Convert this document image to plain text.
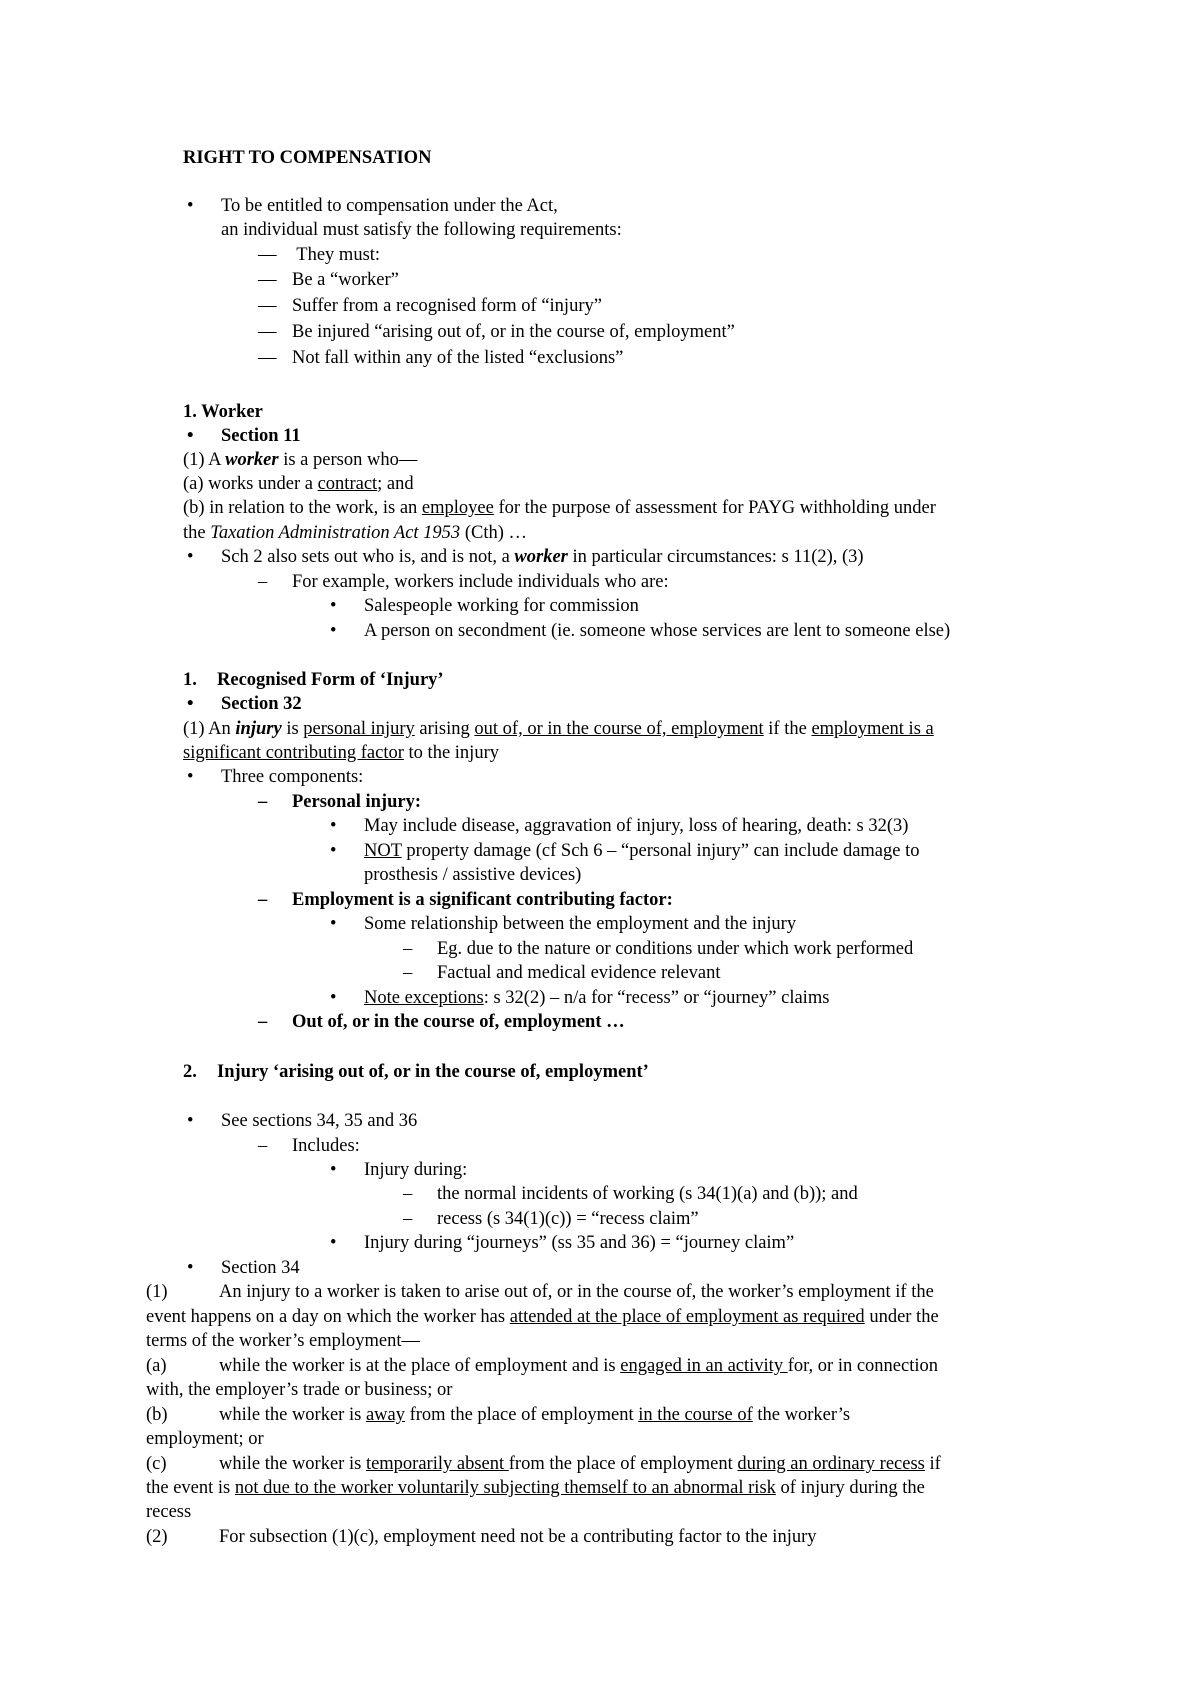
RIGHT TO COMPENSATION
• To be entitled to compensation under the Act,
an individual must satisfy the following requirements:
— They must:
— Be a “worker”
— Suffer from a recognised form of “injury”
— Be injured “arising out of, or in the course of, employment”
— Not fall within any of the listed “exclusions”
1. Worker
• Section 11
(1) A worker is a person who—
(a) works under a contract; and
(b) in relation to the work, is an employee for the purpose of assessment for PAYG withholding under
the Taxation Administration Act 1953 (Cth) …
• Sch 2 also sets out who is, and is not, a worker in particular circumstances: s 11(2), (3)
– For example, workers include individuals who are:
• Salespeople working for commission
• A person on secondment (ie. someone whose services are lent to someone else)
1. Recognised Form of ‘Injury’
• Section 32
(1) An injury is personal injury arising out of, or in the course of, employment if the employment is a
significant contributing factor to the injury
• Three components:
– Personal injury:
• May include disease, aggravation of injury, loss of hearing, death: s 32(3)
• NOT property damage (cf Sch 6 – “personal injury” can include damage to
prosthesis / assistive devices)
– Employment is a significant contributing factor:
• Some relationship between the employment and the injury
– Eg. due to the nature or conditions under which work performed
– Factual and medical evidence relevant
• Note exceptions: s 32(2) – n/a for “recess” or “journey” claims
– Out of, or in the course of, employment …
2. Injury ‘arising out of, or in the course of, employment’
• See sections 34, 35 and 36
– Includes:
• Injury during:
– the normal incidents of working (s 34(1)(a) and (b)); and
– recess (s 34(1)(c)) = “recess claim”
• Injury during “journeys” (ss 35 and 36) = “journey claim”
• Section 34
(1)	An injury to a worker is taken to arise out of, or in the course of, the worker’s employment if the
event happens on a day on which the worker has attended at the place of employment as required under the
terms of the worker’s employment—
(a)	while the worker is at the place of employment and is engaged in an activity for, or in connection
with, the employer’s trade or business; or
(b)	while the worker is away from the place of employment in the course of the worker’s
employment; or
(c)	while the worker is temporarily absent from the place of employment during an ordinary recess if
the event is not due to the worker voluntarily subjecting themself to an abnormal risk of injury during the
recess
(2)	For subsection (1)(c), employment need not be a contributing factor to the injury
